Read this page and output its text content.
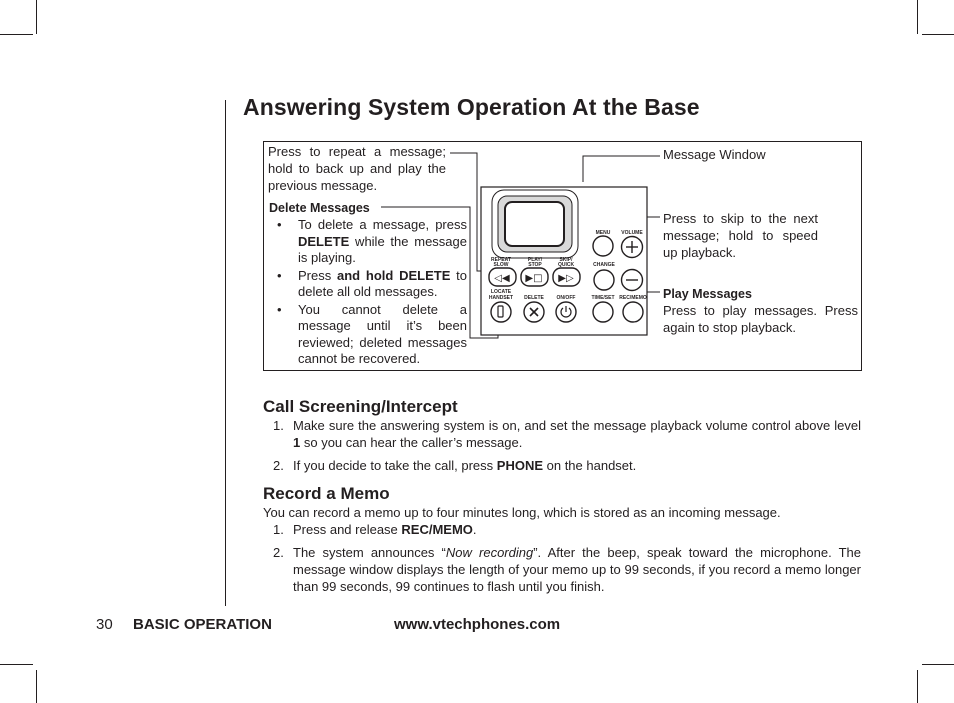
Answering System Operation At the Base
Press to repeat a message; hold to back up and play the previous message.
Delete Messages
• To delete a message, press DELETE while the message is playing.
• Press and hold DELETE to delete all old messages.
• You cannot delete a message until it’s been reviewed; deleted messages cannot be recovered.
Message Window
Press to skip to the next message; hold to speed up playback.
Play Messages
Press to play messages. Press again to stop playback.
◁◀ ▶□ ▶▷
REPEAT
SLOW
PLAY/
STOP
SKIP/
QUICK
MENU VOLUME
CHANGE
LOCATE
HANDSET DELETE	ON/OFF	TIME/SET REC/MEMO
Call Screening/Intercept
1. Make sure the answering system is on, and set the message playback volume control above level 1 so you can hear the caller’s message.
2. If you decide to take the call, press PHONE on the handset.
Record a Memo
You can record a memo up to four minutes long, which is stored as an incoming message.
1. Press and release REC/MEMO.
2. The system announces “Now recording”. After the beep, speak toward the microphone. The message window displays the length of your memo up to 99 seconds, if you record a memo longer than 99 seconds, 99 continues to flash until you finish.
30 BASIC OPERATION	www.vtechphones.com
